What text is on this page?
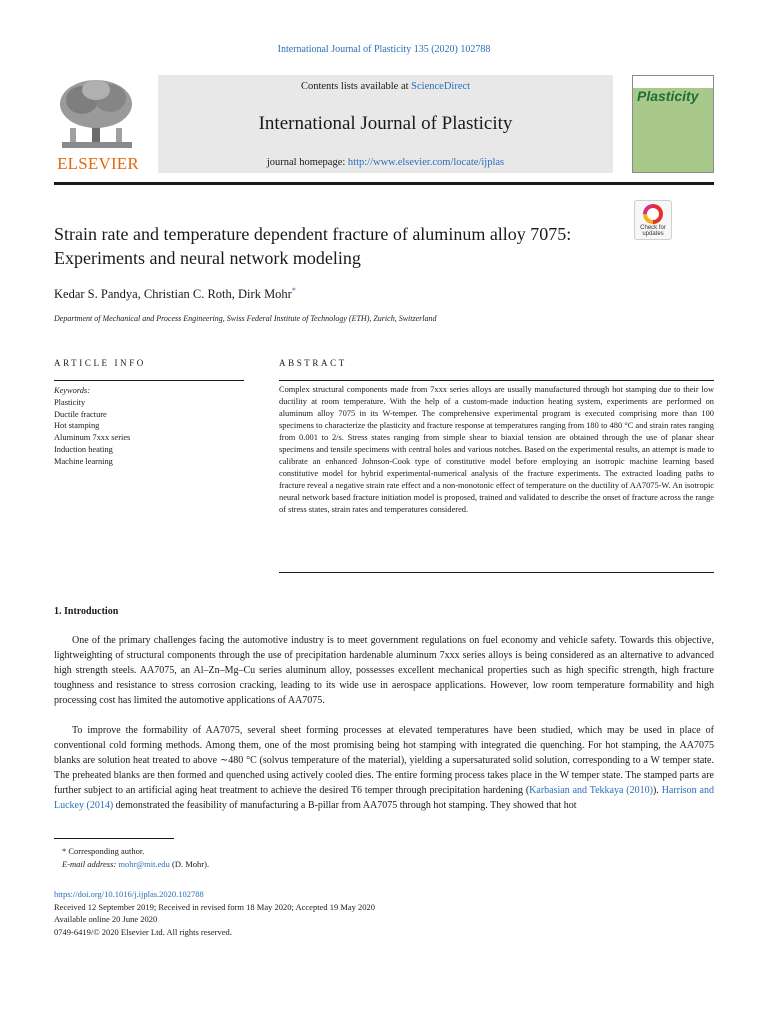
International Journal of Plasticity 135 (2020) 102788
ELSEVIER
Contents lists available at ScienceDirect
International Journal of Plasticity
journal homepage: http://www.elsevier.com/locate/ijplas
Plasticity
Strain rate and temperature dependent fracture of aluminum alloy 7075: Experiments and neural network modeling
Check for updates
Kedar S. Pandya, Christian C. Roth, Dirk Mohr*
Department of Mechanical and Process Engineering, Swiss Federal Institute of Technology (ETH), Zurich, Switzerland
ARTICLE INFO	ABSTRACT
Keywords:
Plasticity
Ductile fracture
Hot stamping
Aluminum 7xxx series
Induction heating
Machine learning
Complex structural components made from 7xxx series alloys are usually manufactured through hot stamping due to their low ductility at room temperature. With the help of a custom-made induction heating system, experiments are performed on aluminum alloy 7075 in its W-temper. The comprehensive experimental program is executed comprising more than 100 specimens to characterize the plasticity and fracture response at temperatures ranging from 180 to 480 °C and strain rates ranging from 0.001 to 2/s. Stress states ranging from simple shear to biaxial tension are obtained through the use of planar shear specimens and tensile specimens with central holes and various notches. Based on the experimental results, an attempt is made to calibrate an enhanced Johnson-Cook type of constitutive model before employing an isotropic machine learning based constitutive model for hybrid experimental-numerical analysis of the fracture experiments. The extracted loading paths to fracture reveal a negative strain rate effect and a non-monotonic effect of temperature on the ductility of AA7075-W. An isotropic neural network based fracture initiation model is proposed, trained and validated to describe the onset of fracture across the range of stress states, strain rates and temperatures considered.
1. Introduction
One of the primary challenges facing the automotive industry is to meet government regulations on fuel economy and vehicle safety. Towards this objective, lightweighting of structural components through the use of precipitation hardenable aluminum 7xxx series alloys is being considered as an alternative to advanced high strength steels. AA7075, an Al–Zn–Mg–Cu series aluminum alloy, possesses excellent mechanical properties such as high specific strength, high fracture toughness and resistance to stress corrosion cracking, leading to its wide use in aerospace applications. However, low room temperature formability and high processing cost has limited the automotive applications of AA7075.
To improve the formability of AA7075, several sheet forming processes at elevated temperatures have been studied, which may be used in place of conventional cold forming methods. Among them, one of the most promising being hot stamping with integrated die quenching. For hot stamping, the AA7075 blanks are solution heat treated to above ∼480 °C (solvus temperature of the material), yielding a supersaturated solid solution, corresponding to a W temper state. The preheated blanks are then formed and quenched using actively cooled dies. The entire forming process takes place in the W temper state. The stamped parts are further subject to an artificial aging heat treatment to achieve the desired T6 temper through precipitation hardening (Karbasian and Tekkaya (2010)). Harrison and Luckey (2014) demonstrated the feasibility of manufacturing a B-pillar from AA7075 through hot stamping. They showed that hot
* Corresponding author.
E-mail address: mohr@mit.edu (D. Mohr).
https://doi.org/10.1016/j.ijplas.2020.102788
Received 12 September 2019; Received in revised form 18 May 2020; Accepted 19 May 2020
Available online 20 June 2020
0749-6419/© 2020 Elsevier Ltd. All rights reserved.
